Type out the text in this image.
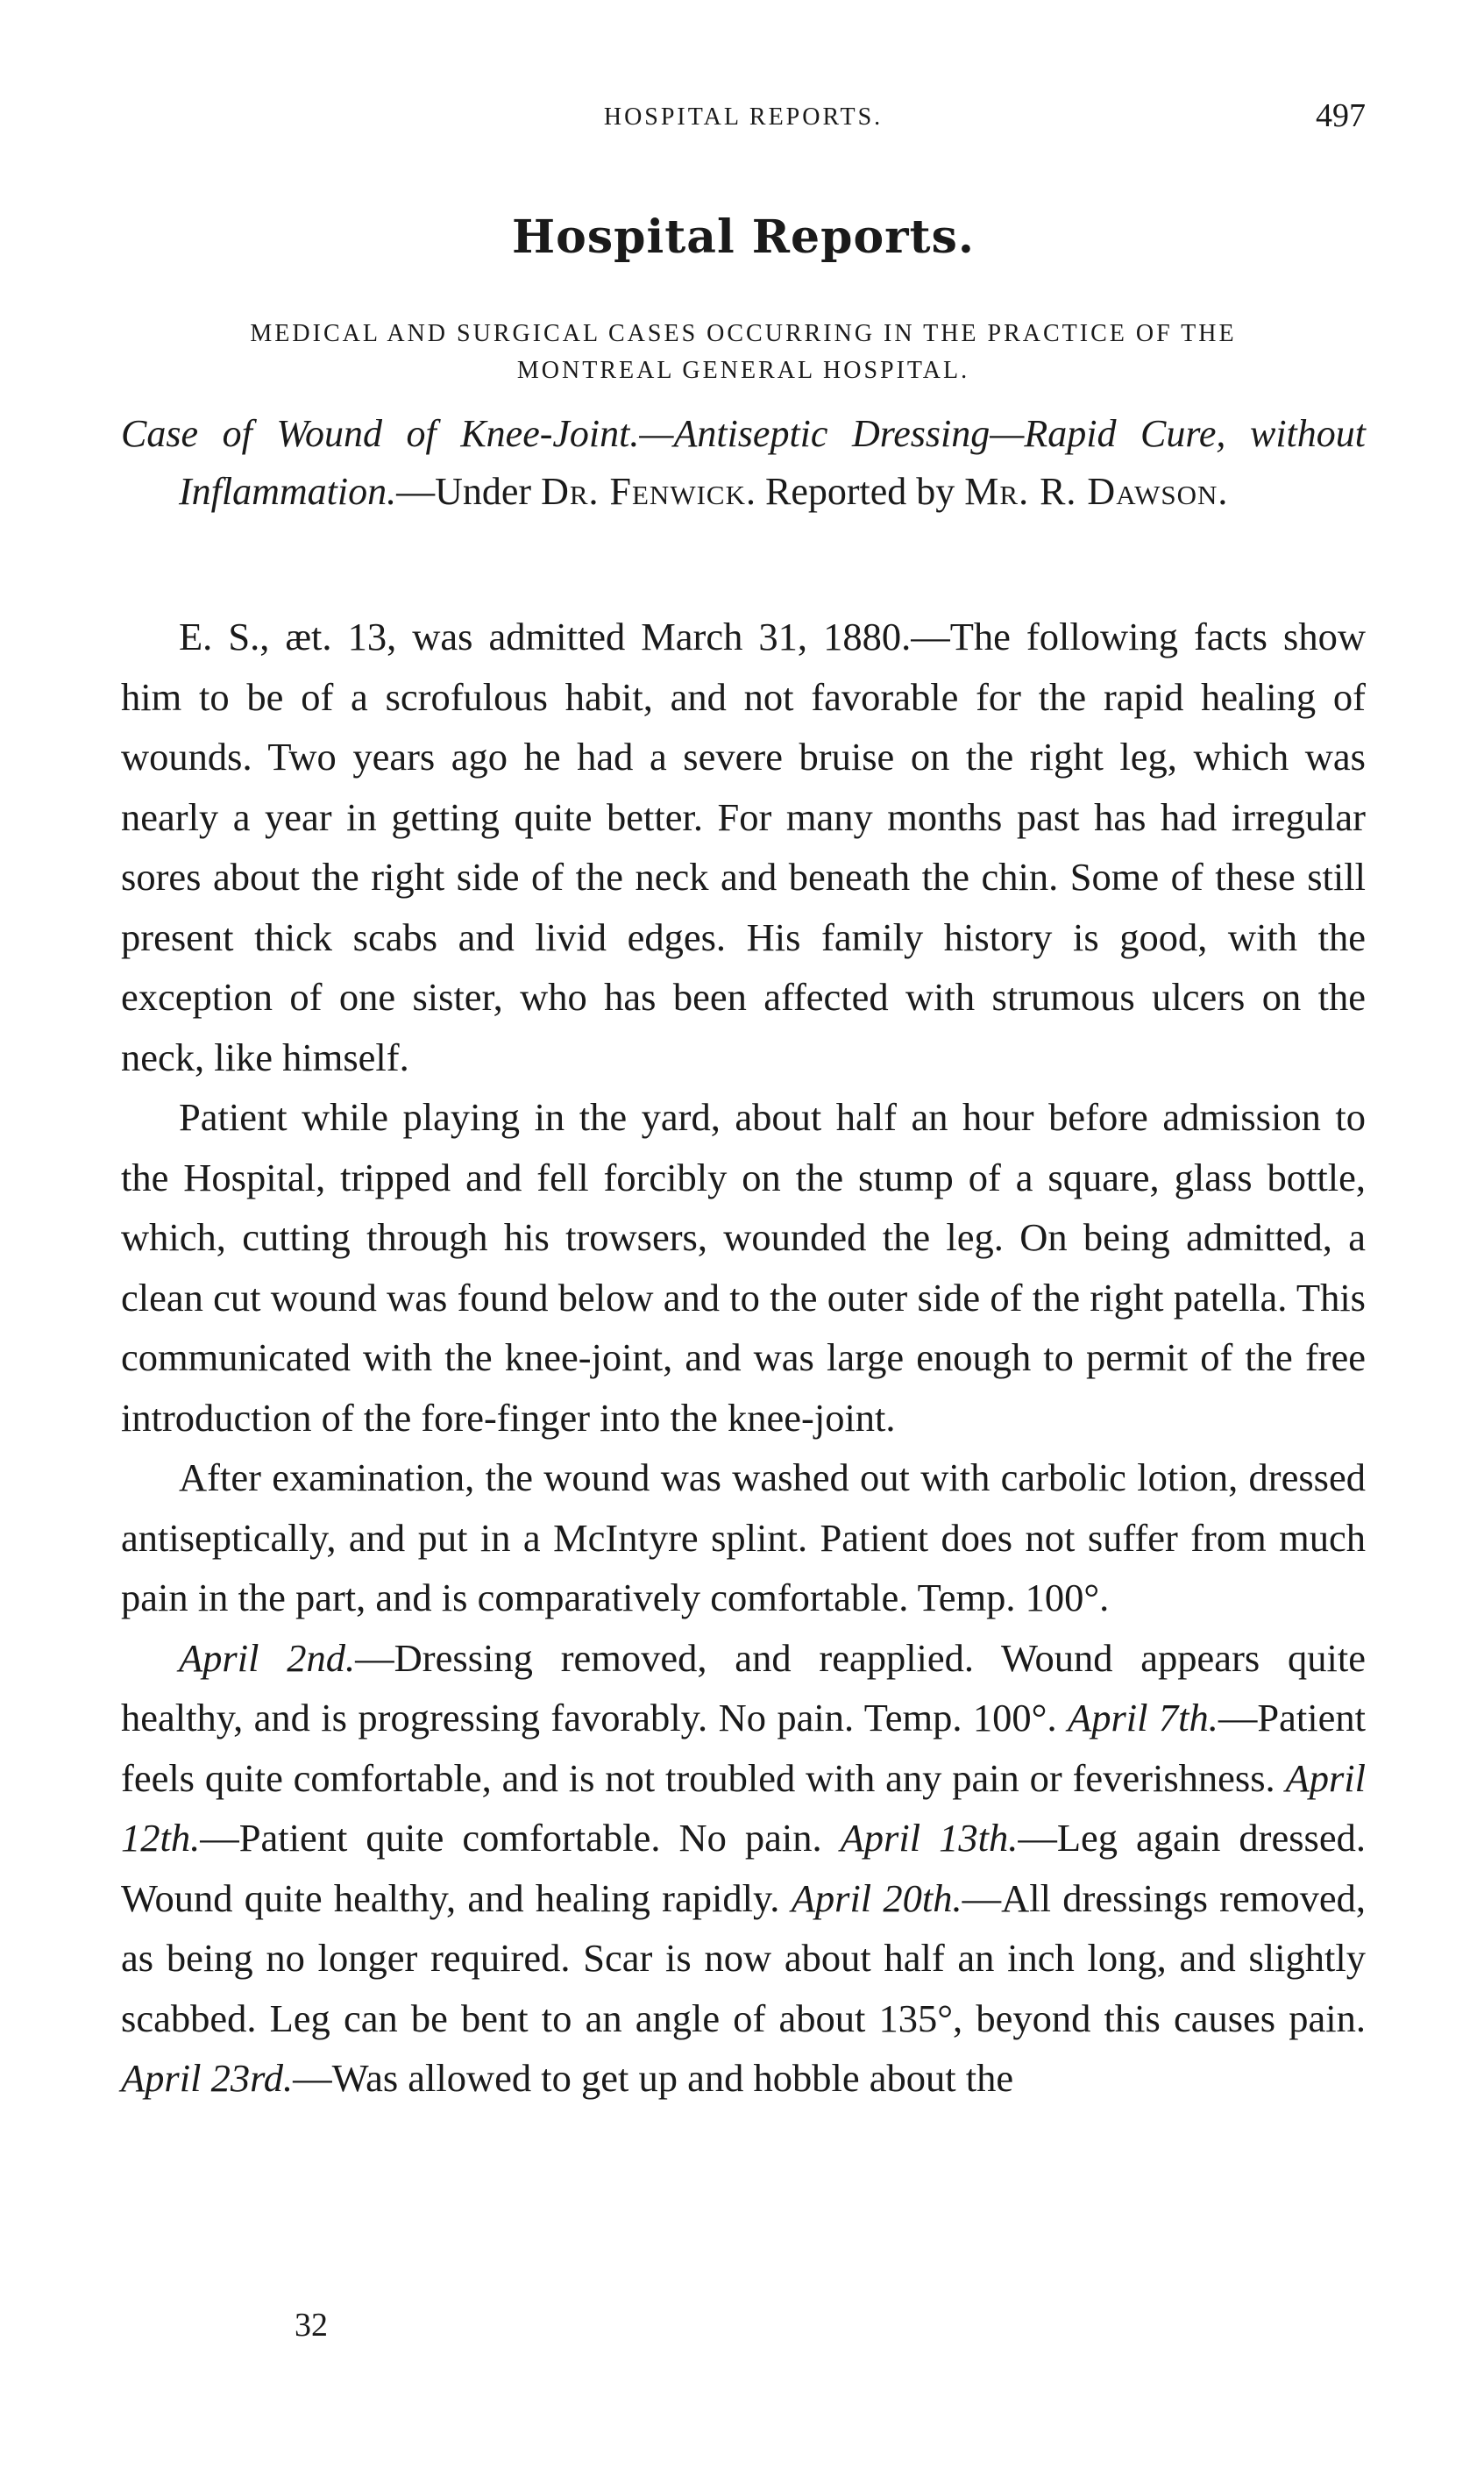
HOSPITAL REPORTS.	497
Hospital Reports.
MEDICAL AND SURGICAL CASES OCCURRING IN THE PRACTICE OF THE
MONTREAL GENERAL HOSPITAL.
Case of Wound of Knee-Joint.—Antiseptic Dressing—Rapid Cure, without Inflammation.—Under Dr. Fenwick. Reported by Mr. R. Dawson.

E. S., æt. 13, was admitted March 31, 1880.—The following facts show him to be of a scrofulous habit, and not favorable for the rapid healing of wounds. Two years ago he had a severe bruise on the right leg, which was nearly a year in getting quite better. For many months past has had irregular sores about the right side of the neck and beneath the chin. Some of these still present thick scabs and livid edges. His family history is good, with the exception of one sister, who has been affected with strumous ulcers on the neck, like himself.

Patient while playing in the yard, about half an hour before admission to the Hospital, tripped and fell forcibly on the stump of a square, glass bottle, which, cutting through his trowsers, wounded the leg. On being admitted, a clean cut wound was found below and to the outer side of the right patella. This communicated with the knee-joint, and was large enough to permit of the free introduction of the fore-finger into the knee-joint.

After examination, the wound was washed out with carbolic lotion, dressed antiseptically, and put in a McIntyre splint. Patient does not suffer from much pain in the part, and is comparatively comfortable. Temp. 100°.

April 2nd.—Dressing removed, and reapplied. Wound appears quite healthy, and is progressing favorably. No pain. Temp. 100°. April 7th.—Patient feels quite comfortable, and is not troubled with any pain or feverishness. April 12th.—Patient quite comfortable. No pain. April 13th.—Leg again dressed. Wound quite healthy, and healing rapidly. April 20th.—All dressings removed, as being no longer required. Scar is now about half an inch long, and slightly scabbed. Leg can be bent to an angle of about 135°, beyond this causes pain. April 23rd.—Was allowed to get up and hobble about the

32
